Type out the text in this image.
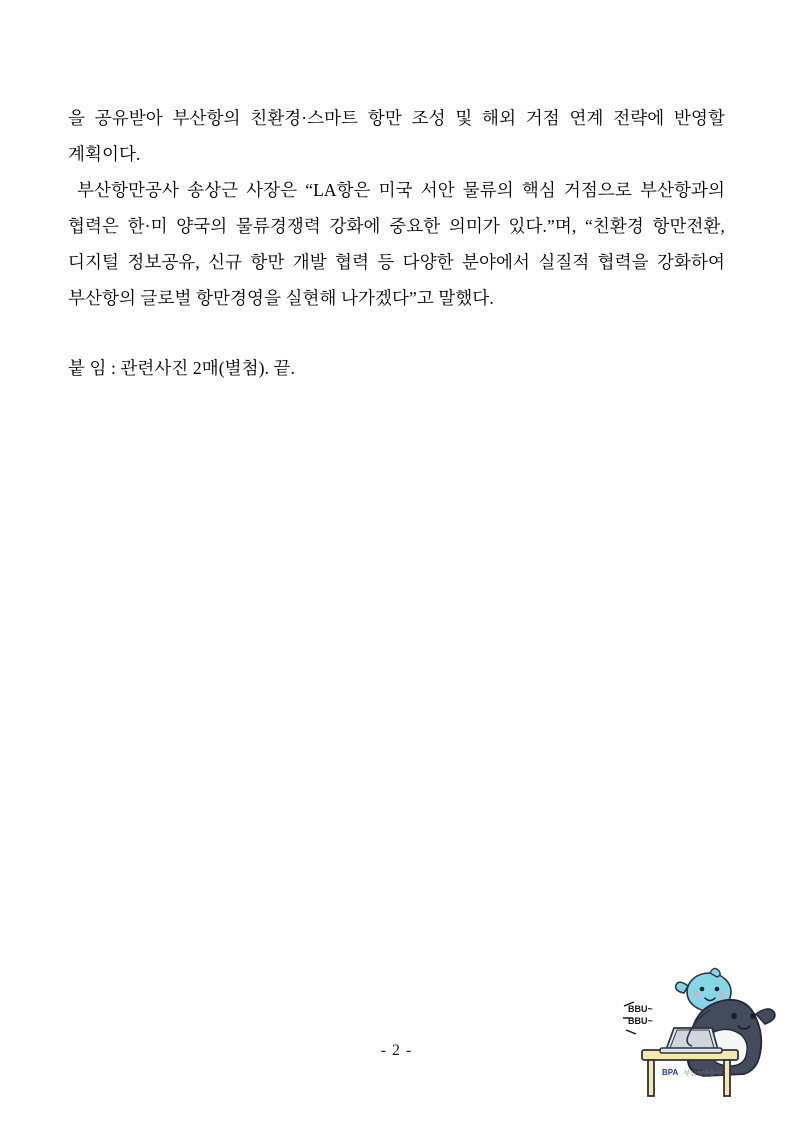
을 공유받아 부산항의 친환경·스마트 항만 조성 및 해외 거점 연계 전략에 반영할 계획이다.

부산항만공사 송상근 사장은 “LA항은 미국 서안 물류의 핵심 거점으로 부산항과의 협력은 한·미 양국의 물류경쟁력 강화에 중요한 의미가 있다.”며, “친환경 항만전환, 디지털 정보공유, 신규 항만 개발 협력 등 다양한 분야에서 실질적 협력을 강화하여 부산항의 글로벌 항만경영을 실현해 나가겠다”고 말했다.

붙 임 : 관련사진 2매(별첨). 끝.

- 2 -
BBU~
BBU~
BPA 부산항만공사
